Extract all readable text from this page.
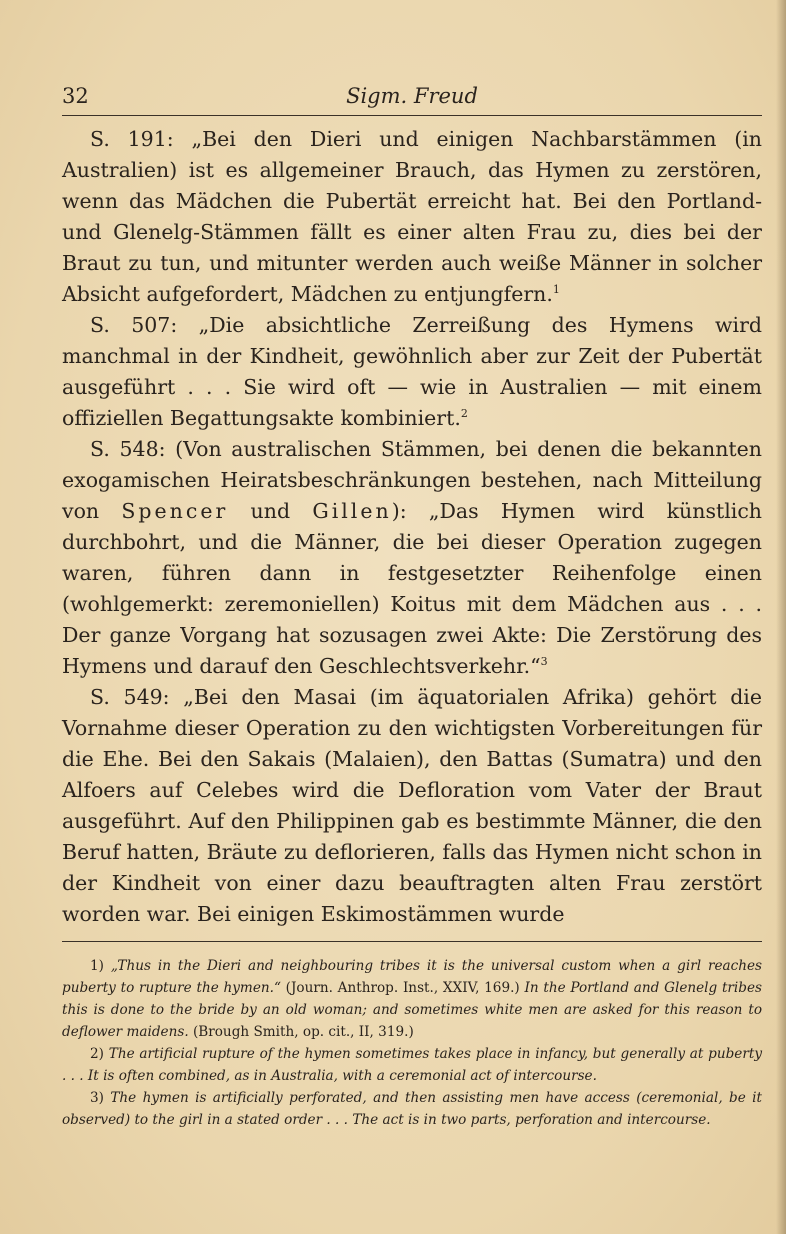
32	Sigm. Freud

S. 191: „Bei den Dieri und einigen Nachbarstämmen (in Australien) ist es allgemeiner Brauch, das Hymen zu zerstören, wenn das Mädchen die Pubertät erreicht hat. Bei den Portland- und Glenelg-Stämmen fällt es einer alten Frau zu, dies bei der Braut zu tun, und mitunter werden auch weiße Männer in solcher Absicht aufgefordert, Mädchen zu entjungfern.$^1$

S. 507: „Die absichtliche Zerreißung des Hymens wird manchmal in der Kindheit, gewöhnlich aber zur Zeit der Pubertät ausgeführt . . . Sie wird oft — wie in Australien — mit einem offiziellen Begattungsakte kombiniert.$^2$

S. 548: (Von australischen Stämmen, bei denen die bekannten exogamischen Heiratsbeschränkungen bestehen, nach Mitteilung von Spencer und Gillen): „Das Hymen wird künstlich durchbohrt, und die Männer, die bei dieser Operation zugegen waren, führen dann in festgesetzter Reihenfolge einen (wohlgemerkt: zeremoniellen) Koitus mit dem Mädchen aus . . . Der ganze Vorgang hat sozusagen zwei Akte: Die Zerstörung des Hymens und darauf den Geschlechtsverkehr.“$^3$

S. 549: „Bei den Masai (im äquatorialen Afrika) gehört die Vornahme dieser Operation zu den wichtigsten Vorbereitungen für die Ehe. Bei den Sakais (Malaien), den Battas (Sumatra) und den Alfoers auf Celebes wird die Defloration vom Vater der Braut ausgeführt. Auf den Philippinen gab es bestimmte Männer, die den Beruf hatten, Bräute zu deflorieren, falls das Hymen nicht schon in der Kindheit von einer dazu beauftragten alten Frau zerstört worden war. Bei einigen Eskimostämmen wurde

1) „Thus in the Dieri and neighbouring tribes it is the universal custom when a girl reaches puberty to rupture the hymen.“ (Journ. Anthrop. Inst., XXIV, 169.) In the Portland and Glenelg tribes this is done to the bride by an old woman; and sometimes white men are asked for this reason to deflower maidens. (Brough Smith, op. cit., II, 319.)

2) The artificial rupture of the hymen sometimes takes place in infancy, but generally at puberty . . . It is often combined, as in Australia, with a ceremonial act of intercourse.

3) The hymen is artificially perforated, and then assisting men have access (ceremonial, be it observed) to the girl in a stated order . . . The act is in two parts, perforation and intercourse.
